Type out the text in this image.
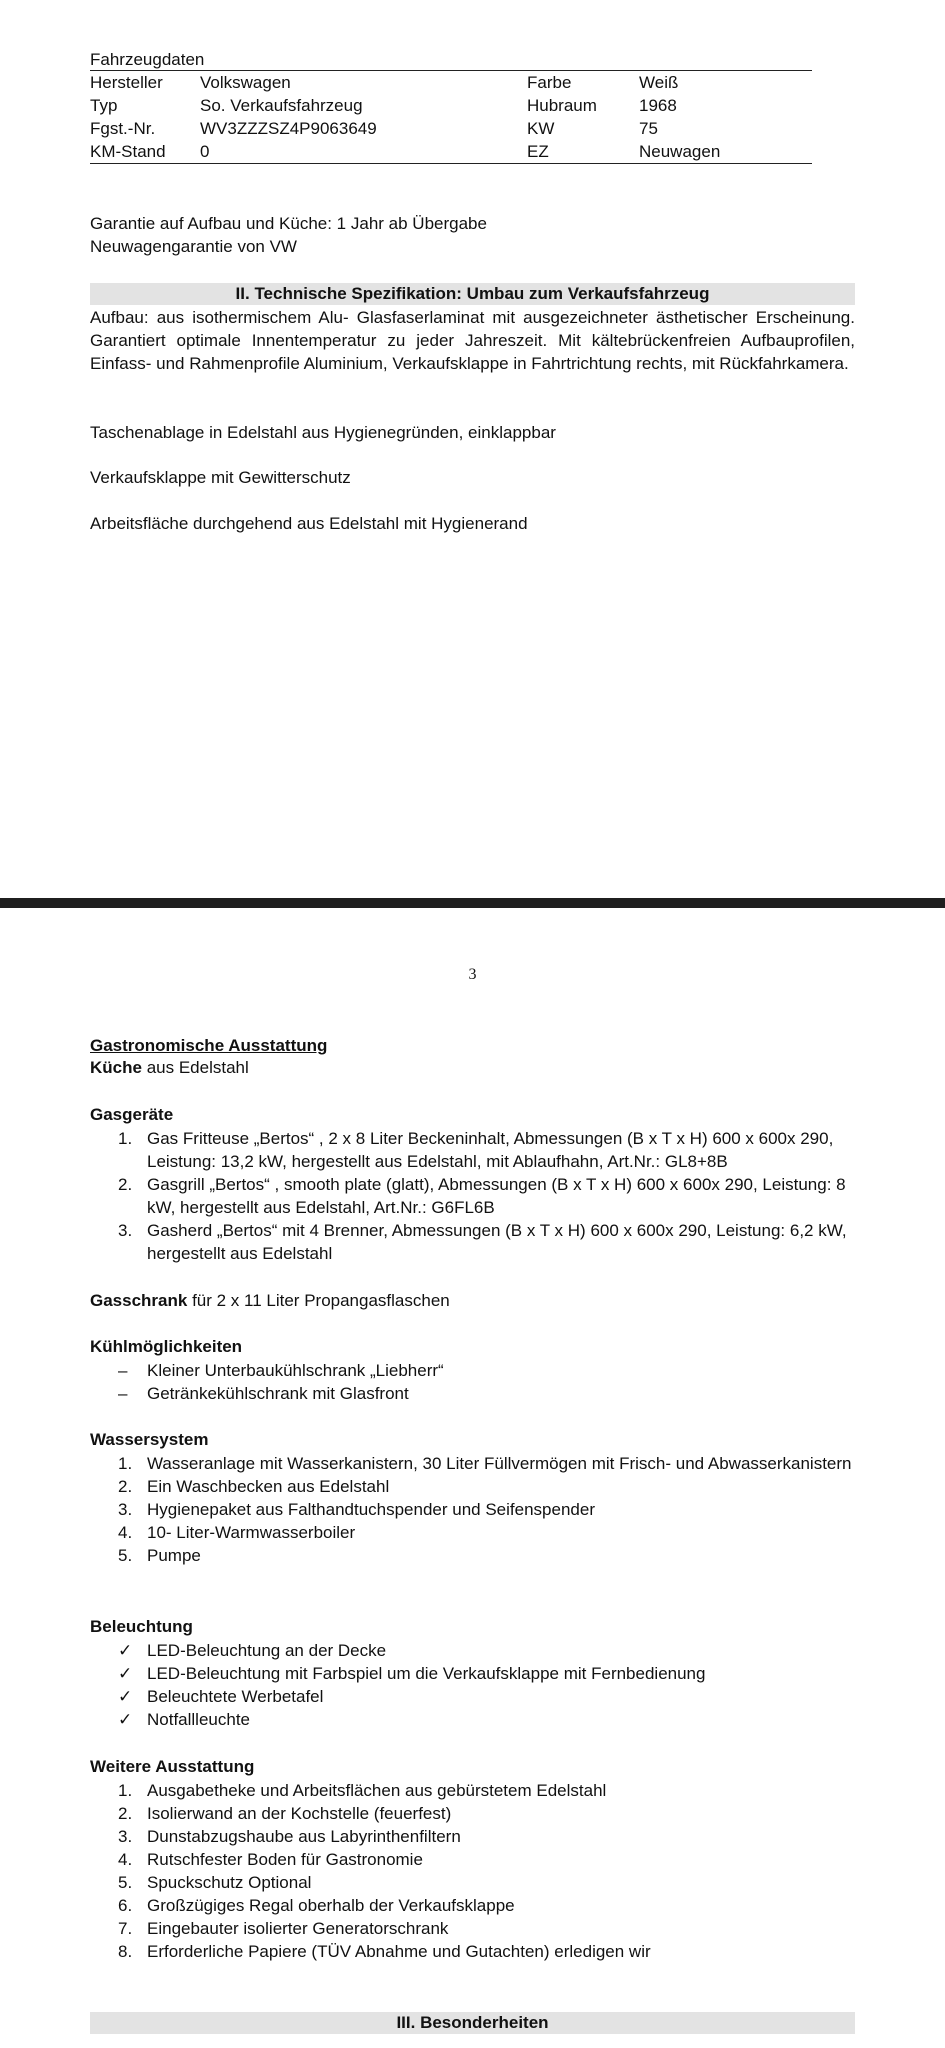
Fahrzeugdaten
Hersteller	Volkswagen	Farbe	Weiß
Typ	So. Verkaufsfahrzeug	Hubraum	1968
Fgst.-Nr.	WV3ZZZSZ4P9063649	KW	75
KM-Stand	0	EZ	Neuwagen
Garantie auf Aufbau und Küche: 1 Jahr ab Übergabe
Neuwagengarantie von VW
II. Technische Spezifikation: Umbau zum Verkaufsfahrzeug
Aufbau: aus isothermischem Alu- Glasfaserlaminat mit ausgezeichneter ästhetischer Erscheinung. Garantiert optimale Innentemperatur zu jeder Jahreszeit. Mit kältebrückenfreien Aufbauprofilen, Einfass- und Rahmenprofile Aluminium, Verkaufsklappe in Fahrtrichtung rechts, mit Rückfahrkamera.
Taschenablage in Edelstahl aus Hygienegründen, einklappbar
Verkaufsklappe mit Gewitterschutz
Arbeitsfläche durchgehend aus Edelstahl mit Hygienerand
3
Gastronomische Ausstattung
Küche aus Edelstahl
Gasgeräte
1. Gas Fritteuse „Bertos“ , 2 x 8 Liter Beckeninhalt, Abmessungen (B x T x H) 600 x 600x 290, Leistung: 13,2 kW, hergestellt aus Edelstahl, mit Ablaufhahn, Art.Nr.: GL8+8B
2. Gasgrill „Bertos“ , smooth plate (glatt), Abmessungen (B x T x H) 600 x 600x 290, Leistung: 8 kW, hergestellt aus Edelstahl, Art.Nr.: G6FL6B
3. Gasherd „Bertos“ mit 4 Brenner, Abmessungen (B x T x H) 600 x 600x 290, Leistung: 6,2 kW, hergestellt aus Edelstahl
Gasschrank für 2 x 11 Liter Propangasflaschen
Kühlmöglichkeiten
– Kleiner Unterbaukühlschrank „Liebherr“
– Getränkekühlschrank mit Glasfront
Wassersystem
1. Wasseranlage mit Wasserkanistern, 30 Liter Füllvermögen mit Frisch- und Abwasserkanistern
2. Ein Waschbecken aus Edelstahl
3. Hygienepaket aus Falthandtuchspender und Seifenspender
4. 10- Liter-Warmwasserboiler
5. Pumpe
Beleuchtung
✓ LED-Beleuchtung an der Decke
✓ LED-Beleuchtung mit Farbspiel um die Verkaufsklappe mit Fernbedienung
✓ Beleuchtete Werbetafel
✓ Notfallleuchte
Weitere Ausstattung
1. Ausgabetheke und Arbeitsflächen aus gebürstetem Edelstahl
2. Isolierwand an der Kochstelle (feuerfest)
3. Dunstabzugshaube aus Labyrinthenfiltern
4. Rutschfester Boden für Gastronomie
5. Spuckschutz Optional
6. Großzügiges Regal oberhalb der Verkaufsklappe
7. Eingebauter isolierter Generatorschrank
8. Erforderliche Papiere (TÜV Abnahme und Gutachten) erledigen wir
III. Besonderheiten
